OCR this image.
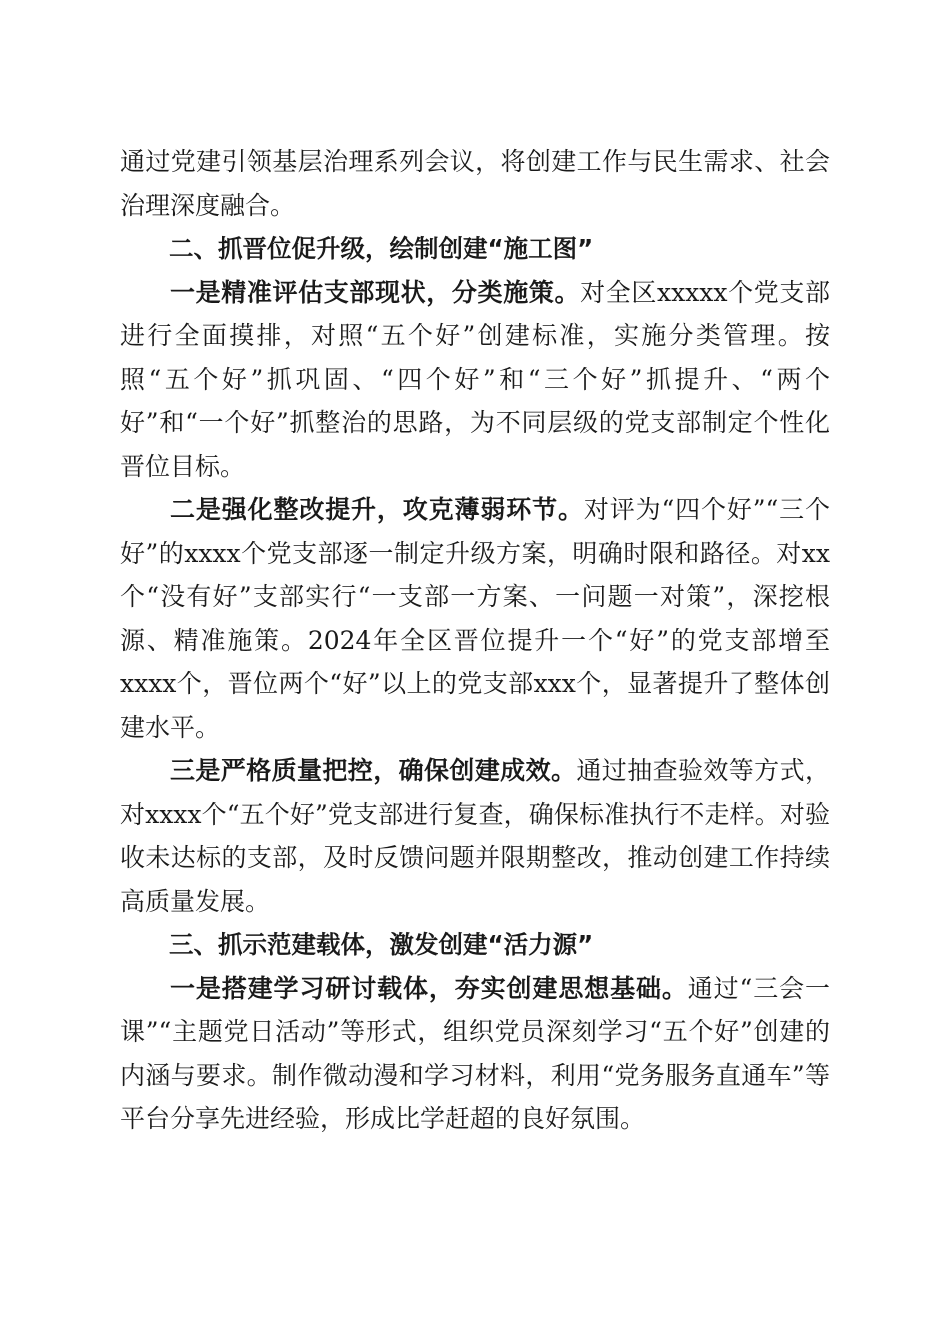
通过党建引领基层治理系列会议，将创建工作与民生需求、社会治理深度融合。

二、抓晋位促升级，绘制创建“施工图”

一是精准评估支部现状，分类施策。对全区xxxxx个党支部进行全面摸排，对照“五个好”创建标准，实施分类管理。按照“五个好”抓巩固、“四个好”和“三个好”抓提升、“两个好”和“一个好”抓整治的思路，为不同层级的党支部制定个性化晋位目标。

二是强化整改提升，攻克薄弱环节。对评为“四个好”“三个好”的xxxx个党支部逐一制定升级方案，明确时限和路径。对xx个“没有好”支部实行“一支部一方案、一问题一对策”，深挖根源、精准施策。2024年全区晋位提升一个“好”的党支部增至xxxx个，晋位两个“好”以上的党支部xxx个，显著提升了整体创建水平。

三是严格质量把控，确保创建成效。通过抽查验效等方式，对xxxx个“五个好”党支部进行复查，确保标准执行不走样。对验收未达标的支部，及时反馈问题并限期整改，推动创建工作持续高质量发展。

三、抓示范建载体，激发创建“活力源”

一是搭建学习研讨载体，夯实创建思想基础。通过“三会一课”“主题党日活动”等形式，组织党员深刻学习“五个好”创建的内涵与要求。制作微动漫和学习材料，利用“党务服务直通车”等平台分享先进经验，形成比学赶超的良好氛围。
